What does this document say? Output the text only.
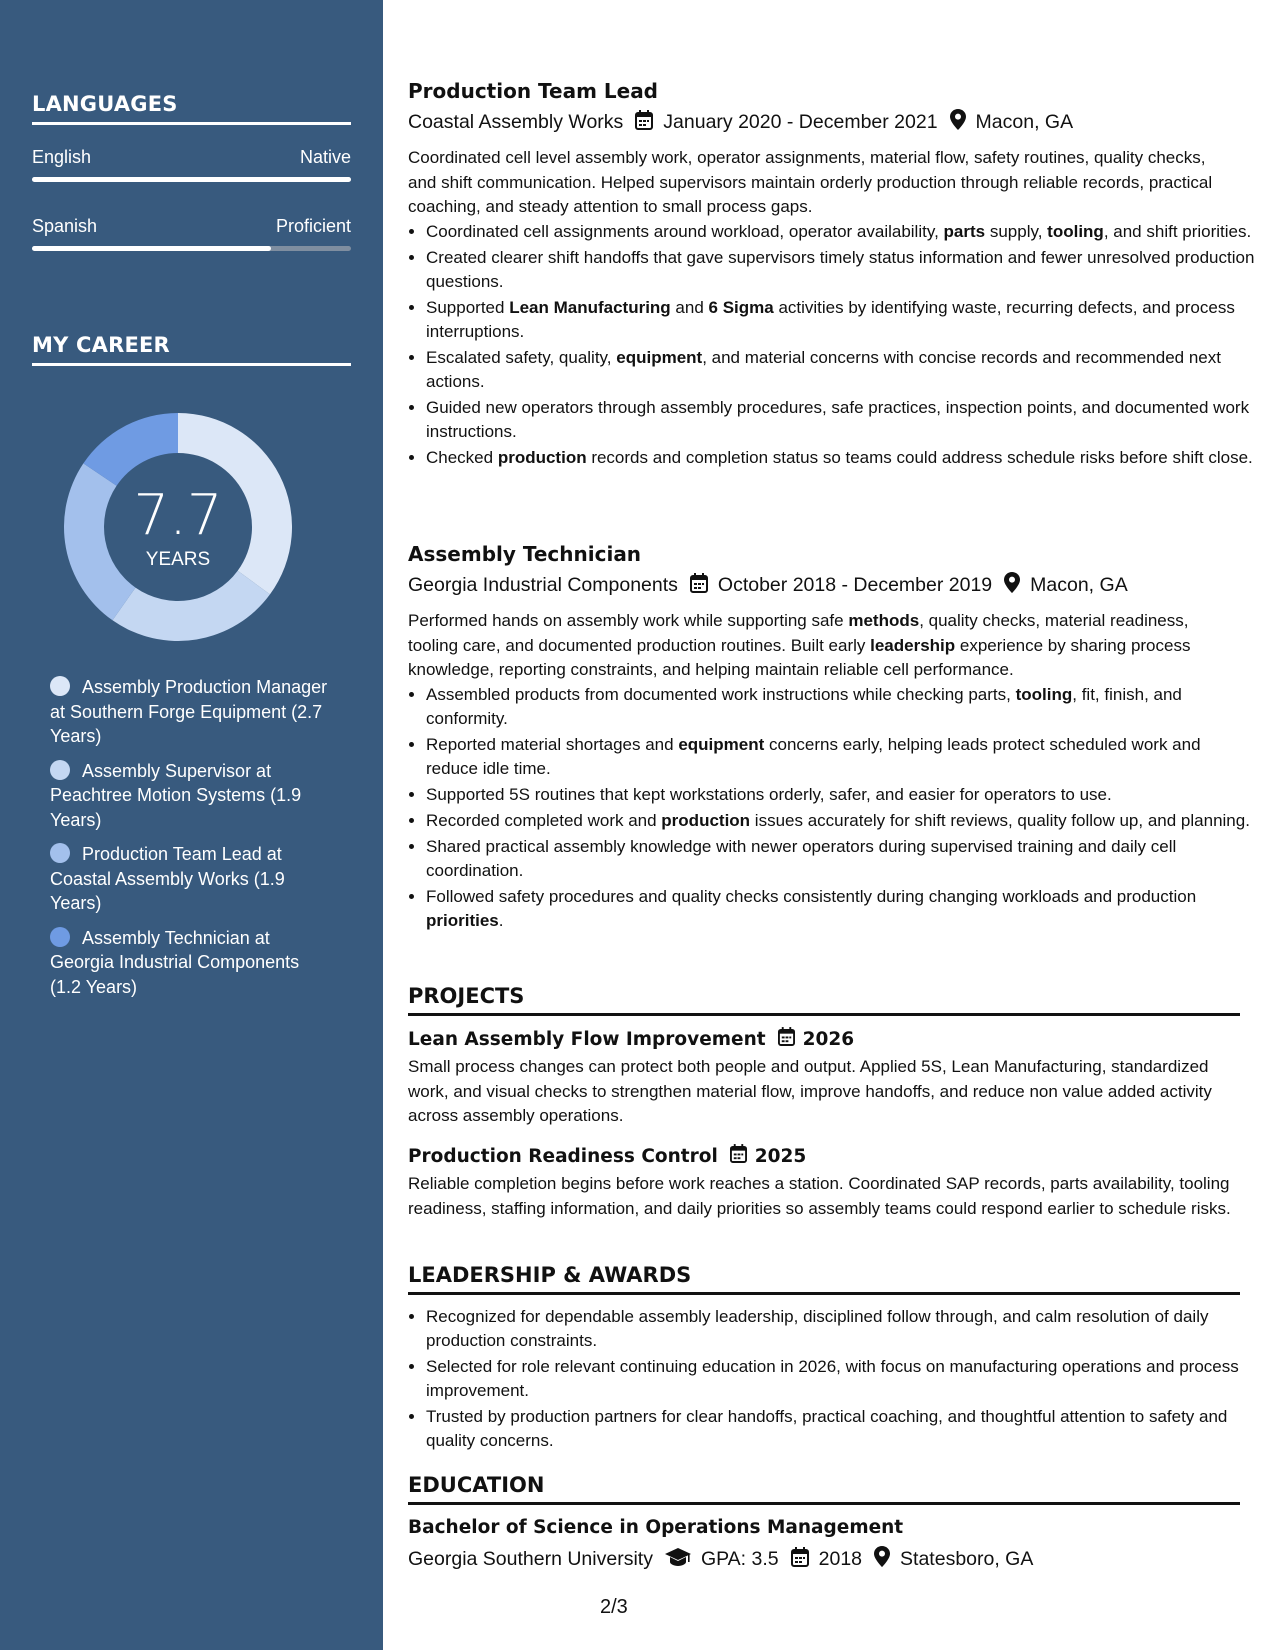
LANGUAGES
English	Native
Spanish	Proficient
MY CAREER
7.7
YEARS
Assembly Production Manager at Southern Forge Equipment (2.7 Years)
Assembly Supervisor at Peachtree Motion Systems (1.9 Years)
Production Team Lead at Coastal Assembly Works (1.9 Years)
Assembly Technician at Georgia Industrial Components (1.2 Years)
Production Team Lead
Coastal Assembly Works January 2020 - December 2021 Macon, GA
Coordinated cell level assembly work, operator assignments, material flow, safety routines, quality checks, and shift communication. Helped supervisors maintain orderly production through reliable records, practical coaching, and steady attention to small process gaps.
• Coordinated cell assignments around workload, operator availability, parts supply, tooling, and shift priorities.
• Created clearer shift handoffs that gave supervisors timely status information and fewer unresolved production questions.
• Supported Lean Manufacturing and 6 Sigma activities by identifying waste, recurring defects, and process interruptions.
• Escalated safety, quality, equipment, and material concerns with concise records and recommended next actions.
• Guided new operators through assembly procedures, safe practices, inspection points, and documented work instructions.
• Checked production records and completion status so teams could address schedule risks before shift close.
Assembly Technician
Georgia Industrial Components October 2018 - December 2019 Macon, GA
Performed hands on assembly work while supporting safe methods, quality checks, material readiness, tooling care, and documented production routines. Built early leadership experience by sharing process knowledge, reporting constraints, and helping maintain reliable cell performance.
• Assembled products from documented work instructions while checking parts, tooling, fit, finish, and conformity.
• Reported material shortages and equipment concerns early, helping leads protect scheduled work and reduce idle time.
• Supported 5S routines that kept workstations orderly, safer, and easier for operators to use.
• Recorded completed work and production issues accurately for shift reviews, quality follow up, and planning.
• Shared practical assembly knowledge with newer operators during supervised training and daily cell coordination.
• Followed safety procedures and quality checks consistently during changing workloads and production priorities.
PROJECTS
Lean Assembly Flow Improvement 2026
Small process changes can protect both people and output. Applied 5S, Lean Manufacturing, standardized work, and visual checks to strengthen material flow, improve handoffs, and reduce non value added activity across assembly operations.
Production Readiness Control 2025
Reliable completion begins before work reaches a station. Coordinated SAP records, parts availability, tooling readiness, staffing information, and daily priorities so assembly teams could respond earlier to schedule risks.
LEADERSHIP & AWARDS
• Recognized for dependable assembly leadership, disciplined follow through, and calm resolution of daily production constraints.
• Selected for role relevant continuing education in 2026, with focus on manufacturing operations and process improvement.
• Trusted by production partners for clear handoffs, practical coaching, and thoughtful attention to safety and quality concerns.
EDUCATION
Bachelor of Science in Operations Management
Georgia Southern University GPA: 3.5 2018 Statesboro, GA
2/3
